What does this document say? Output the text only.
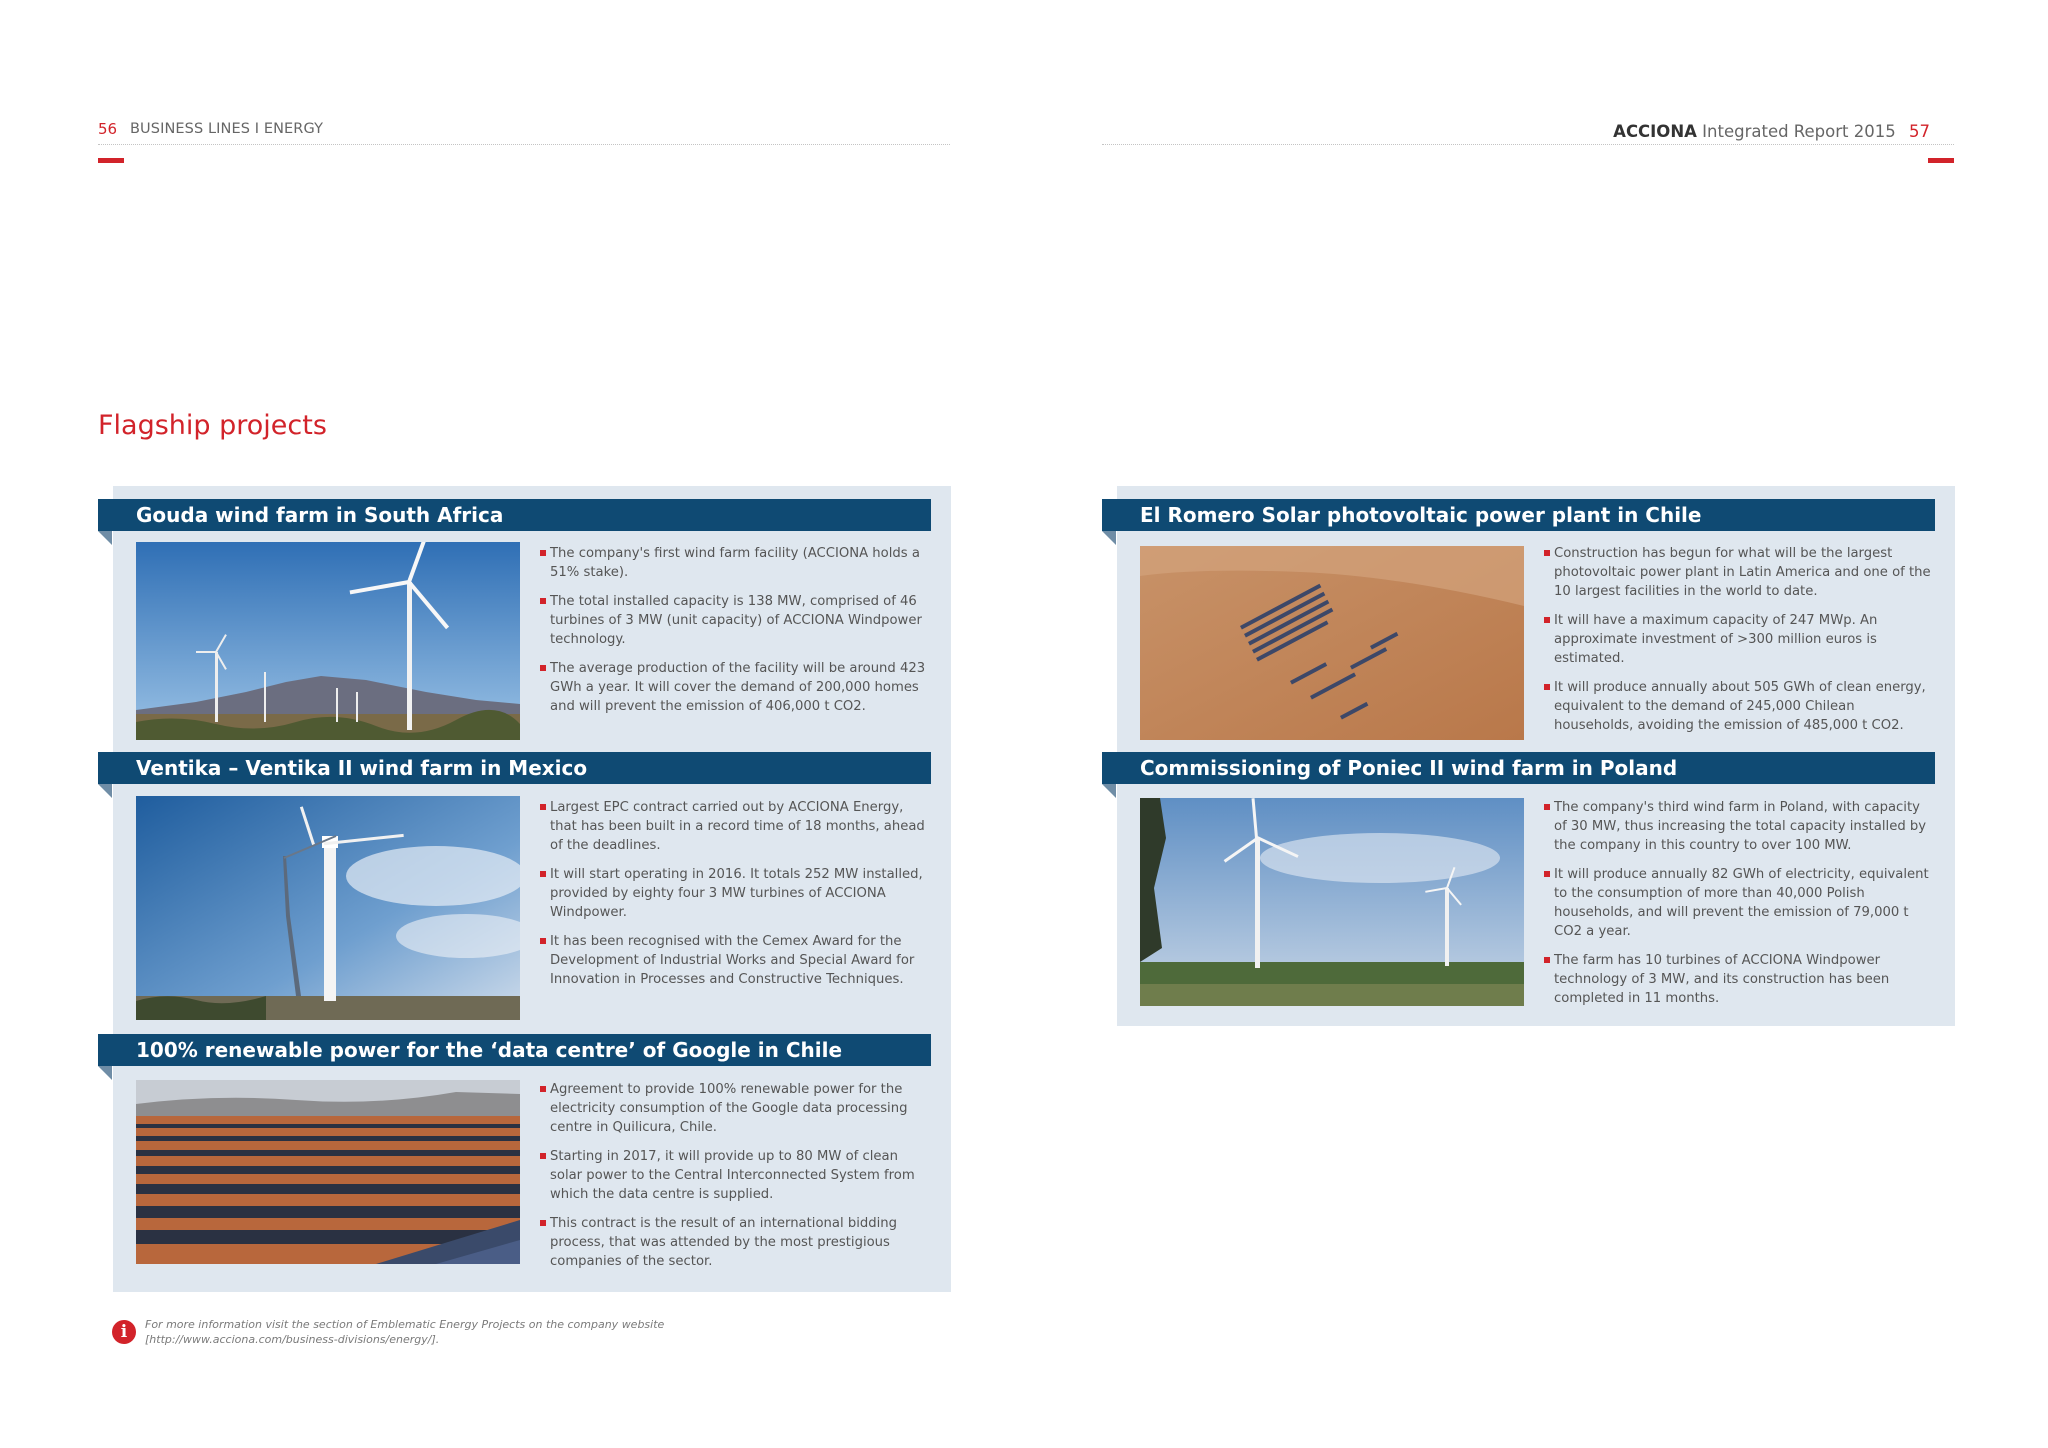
56 BUSINESS LINES I ENERGY	ACCIONA Integrated Report 2015 57
Flagship projects
Gouda wind farm in South Africa
The company's first wind farm facility (ACCIONA holds a 51% stake).
The total installed capacity is 138 MW, comprised of 46 turbines of 3 MW (unit capacity) of ACCIONA Windpower technology.
The average production of the facility will be around 423 GWh a year. It will cover the demand of 200,000 homes and will prevent the emission of 406,000 t CO2.
Ventika – Ventika II wind farm in Mexico
Largest EPC contract carried out by ACCIONA Energy, that has been built in a record time of 18 months, ahead of the deadlines.
It will start operating in 2016. It totals 252 MW installed, provided by eighty four 3 MW turbines of ACCIONA Windpower.
It has been recognised with the Cemex Award for the Development of Industrial Works and Special Award for Innovation in Processes and Constructive Techniques.
100% renewable power for the ‘data centre’ of Google in Chile
Agreement to provide 100% renewable power for the electricity consumption of the Google data processing centre in Quilicura, Chile.
Starting in 2017, it will provide up to 80 MW of clean solar power to the Central Interconnected System from which the data centre is supplied.
This contract is the result of an international bidding process, that was attended by the most prestigious companies of the sector.
El Romero Solar photovoltaic power plant in Chile
Construction has begun for what will be the largest photovoltaic power plant in Latin America and one of the 10 largest facilities in the world to date.
It will have a maximum capacity of 247 MWp. An approximate investment of >300 million euros is estimated.
It will produce annually about 505 GWh of clean energy, equivalent to the demand of 245,000 Chilean households, avoiding the emission of 485,000 t CO2.
Commissioning of Poniec II wind farm in Poland
The company's third wind farm in Poland, with capacity of 30 MW, thus increasing the total capacity installed by the company in this country to over 100 MW.
It will produce annually 82 GWh of electricity, equivalent to the consumption of more than 40,000 Polish households, and will prevent the emission of 79,000 t CO2 a year.
The farm has 10 turbines of ACCIONA Windpower technology of 3 MW, and its construction has been completed in 11 months.
i	For more information visit the section of Emblematic Energy Projects on the company website
[http://www.acciona.com/business-divisions/energy/].
